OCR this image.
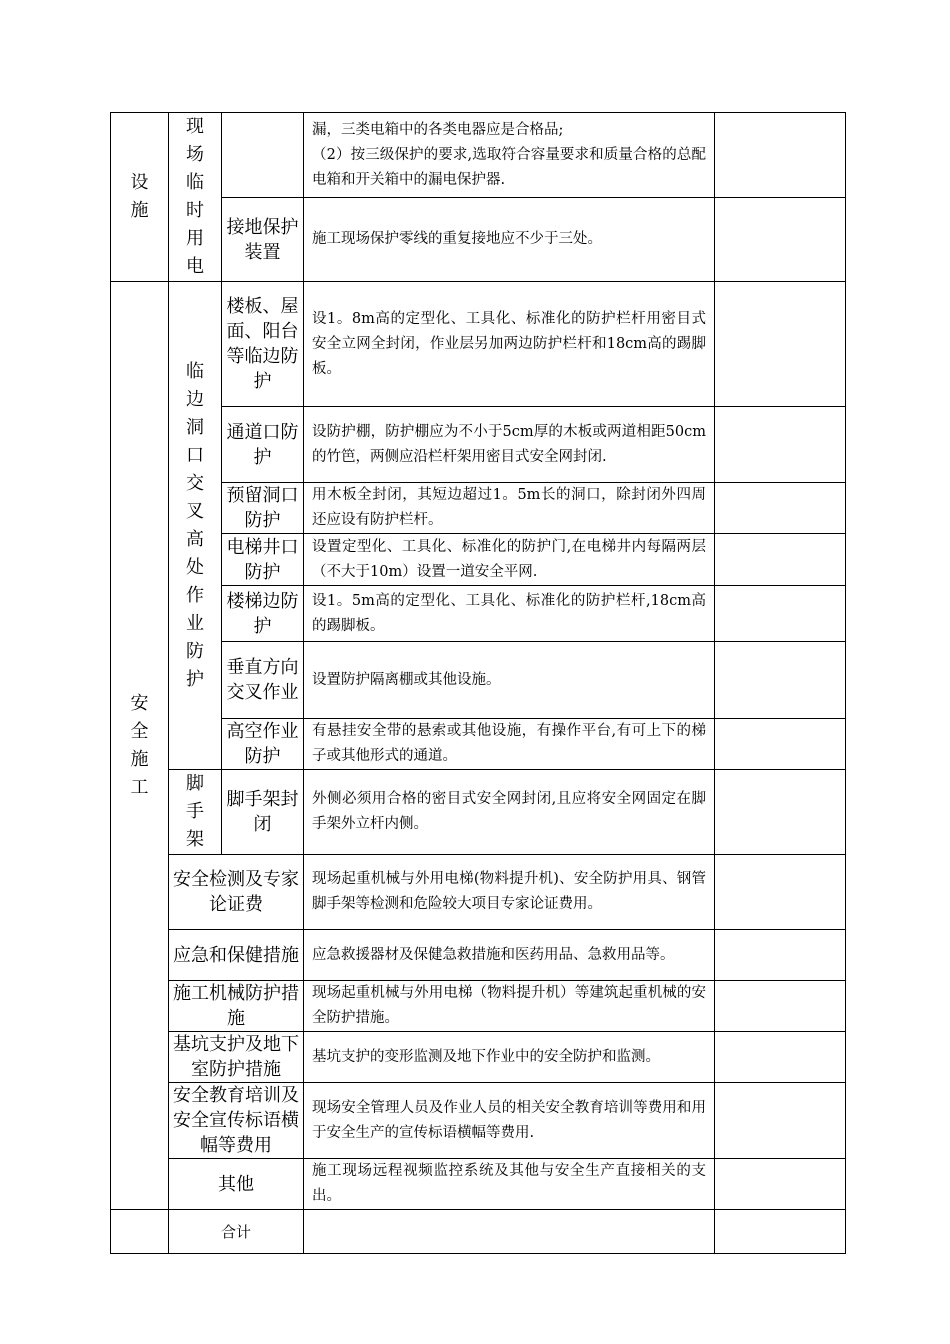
设施	现场临时用电		漏，三类电箱中的各类电器应是合格品;
（2）按三级保护的要求,选取符合容量要求和质量合格的总配电箱和开关箱中的漏电保护器.	
		接地保护装置	施工现场保护零线的重复接地应不少于三处。	
安全施工	临边洞口交叉高处作业防护	楼板、屋面、阳台等临边防护	设1。8m高的定型化、工具化、标准化的防护栏杆用密目式安全立网全封闭，作业层另加两边防护栏杆和18cm高的踢脚板。	
		通道口防护	设防护棚，防护棚应为不小于5cm厚的木板或两道相距50cm的竹笆，两侧应沿栏杆架用密目式安全网封闭.	
		预留洞口防护	用木板全封闭，其短边超过1。5m长的洞口，除封闭外四周还应设有防护栏杆。	
		电梯井口防护	设置定型化、工具化、标准化的防护门,在电梯井内每隔两层（不大于10m）设置一道安全平网.	
		楼梯边防护	设1。5m高的定型化、工具化、标准化的防护栏杆,18cm高的踢脚板。	
		垂直方向交叉作业	设置防护隔离棚或其他设施。	
		高空作业防护	有悬挂安全带的悬索或其他设施，有操作平台,有可上下的梯子或其他形式的通道。	
	脚手架	脚手架封闭	外侧必须用合格的密目式安全网封闭,且应将安全网固定在脚手架外立杆内侧。	
	安全检测及专家论证费		现场起重机械与外用电梯(物料提升机)、安全防护用具、钢管脚手架等检测和危险较大项目专家论证费用。	
	应急和保健措施		应急救援器材及保健急救措施和医药用品、急救用品等。	
	施工机械防护措施		现场起重机械与外用电梯（物料提升机）等建筑起重机械的安全防护措施。	
	基坑支护及地下室防护措施		基坑支护的变形监测及地下作业中的安全防护和监测。	
	安全教育培训及安全宣传标语横幅等费用		现场安全管理人员及作业人员的相关安全教育培训等费用和用于安全生产的宣传标语横幅等费用.	
	其他		施工现场远程视频监控系统及其他与安全生产直接相关的支出。	
	合计			
